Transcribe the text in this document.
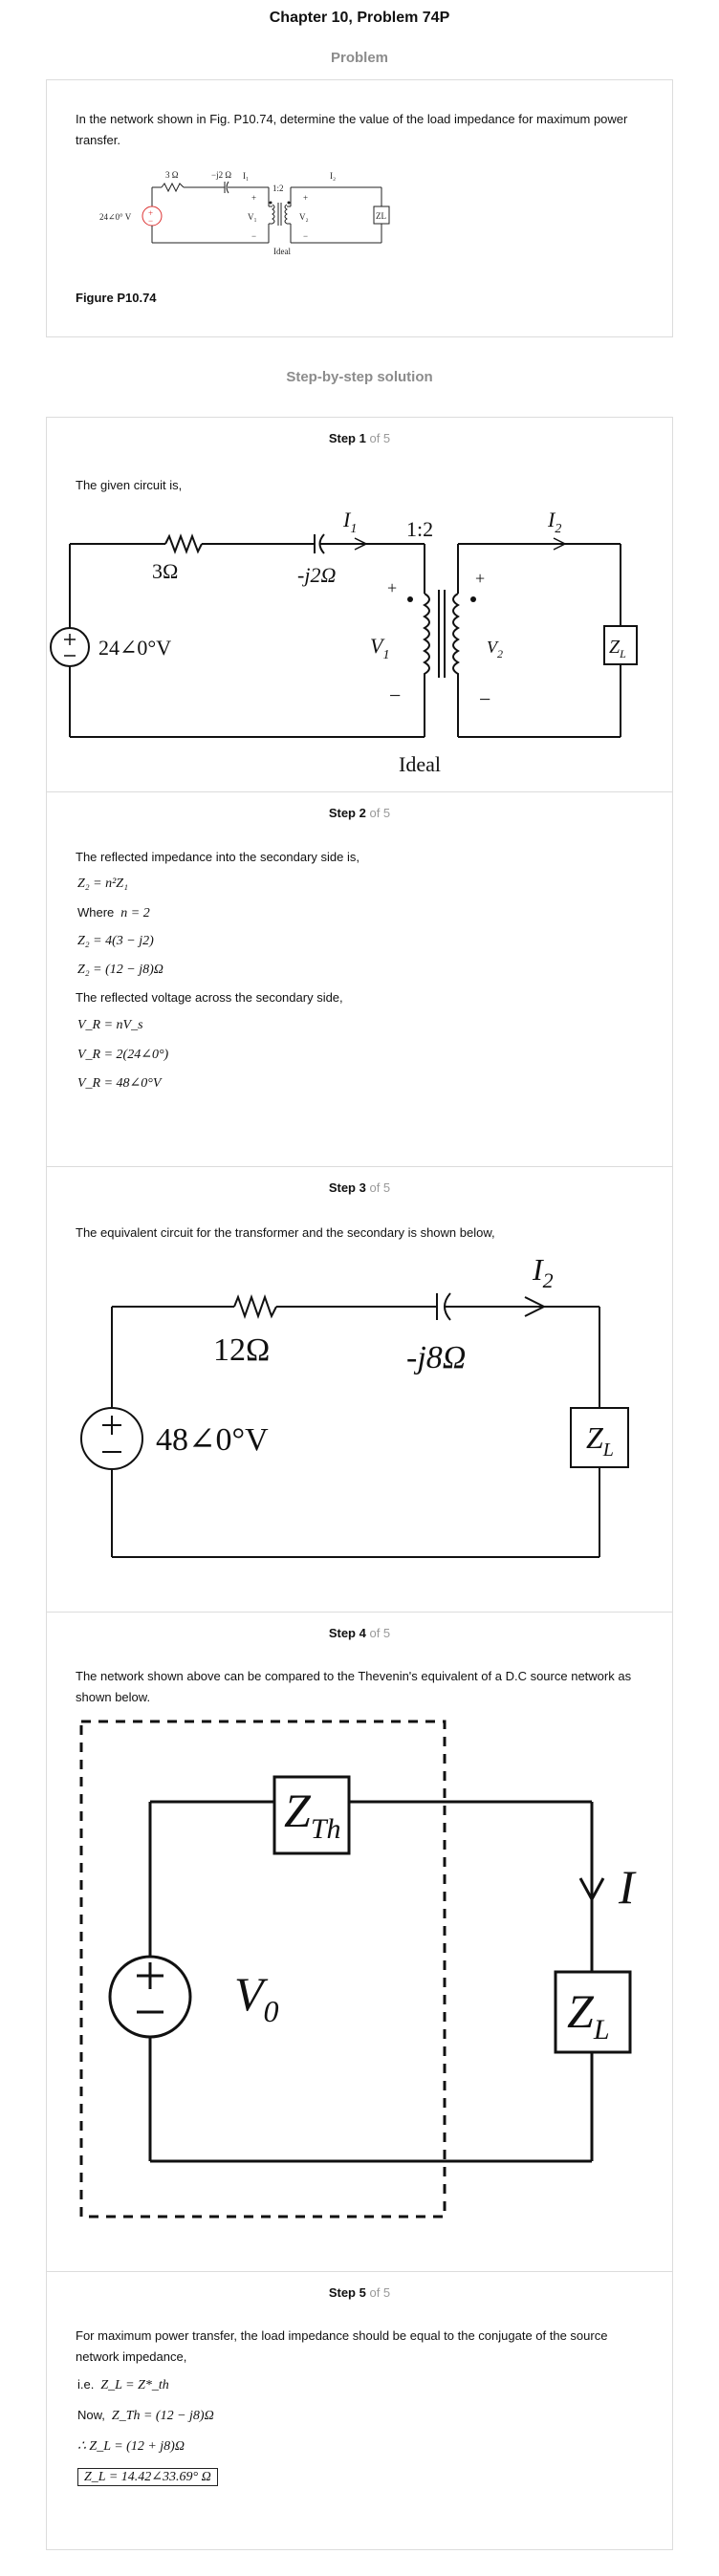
Chapter 10, Problem 74P
Problem
In the network shown in Fig. P10.74, determine the value of the load impedance for maximum power transfer.
3 Ω	−j2 Ω I₁
1:2
I₂
24∠0° V	V₁	V₂	ZL
Ideal
+	+
+
−
−	−
Figure P10.74
Step-by-step solution
Step 1 of 5
The given circuit is,
3Ω	-j2Ω
$I_1$ 1:2	$I_2$
24∠0°V	$V_1$	$V_2$	$Z_L$
Ideal
+	+
−	−
Step 2 of 5
The reflected impedance into the secondary side is,
Z₂ = n²Z₁
Where n = 2
Z₂ = 4(3 − j2)
Z₂ = (12 − j8)Ω
The reflected voltage across the secondary side,
V_R = nV_s
V_R = 2(24∠0°)
V_R = 48∠0°V
Step 3 of 5
The equivalent circuit for the transformer and the secondary is shown below,
12Ω	-j8Ω
$I_2$
48∠0°V	$Z_L$
Step 4 of 5
The network shown above can be compared to the Thevenin's equivalent of a D.C source network as shown below.
$Z_{Th}$
$V_0$
I
$Z_L$
Step 5 of 5
For maximum power transfer, the load impedance should be equal to the conjugate of the source network impedance,
i.e. Z_L = Z*_th
Now, Z_Th = (12 − j8)Ω
∴ Z_L = (12 + j8)Ω
Z_L = 14.42∠33.69° Ω
